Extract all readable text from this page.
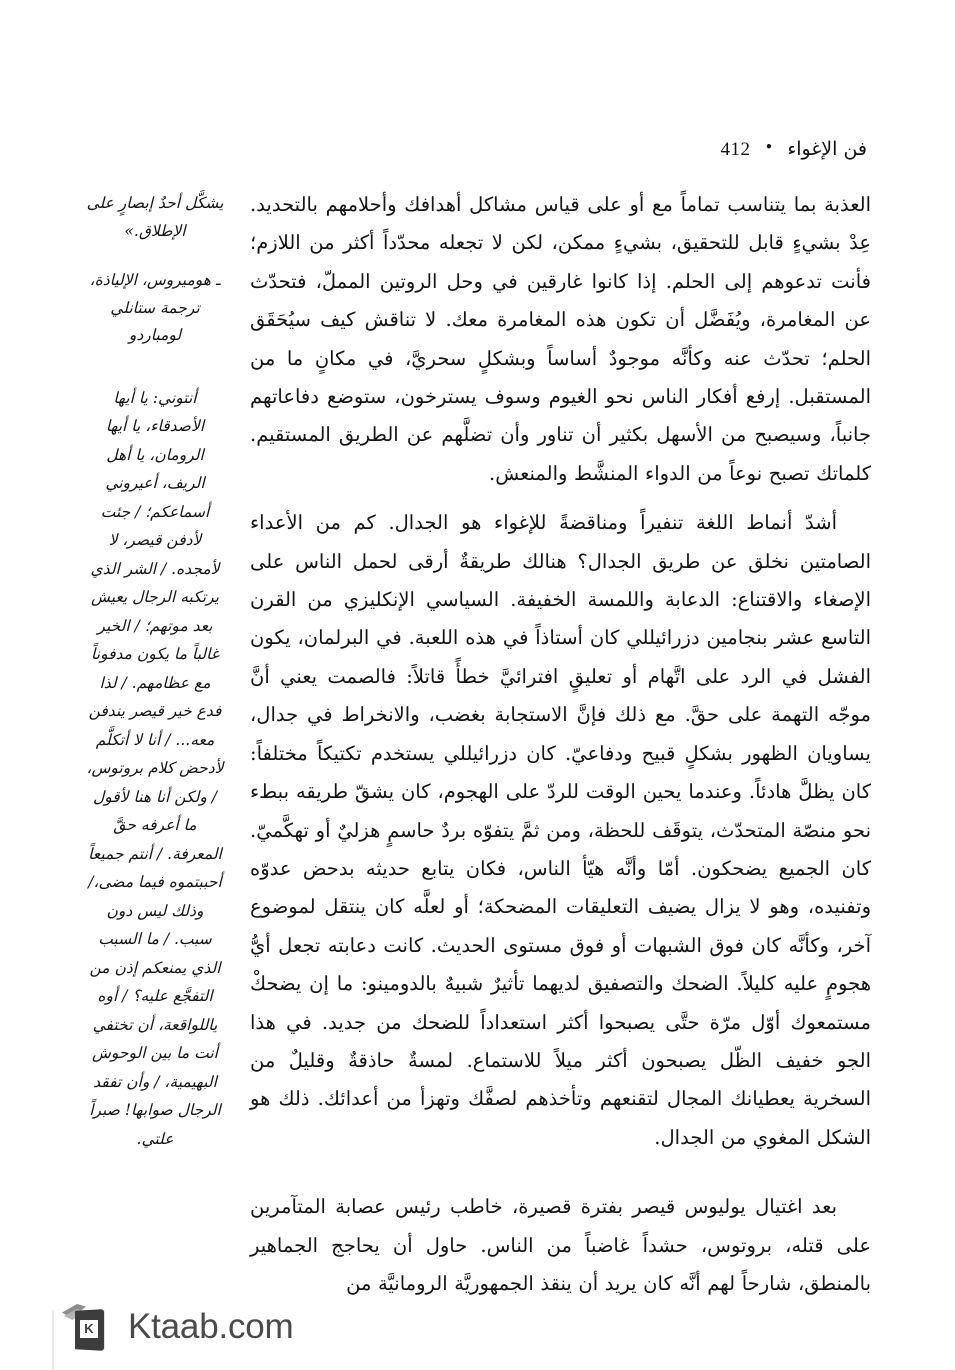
فن الإغواء
•
412

العذبة بما يتناسب تماماً مع أو على قياس مشاكل أهدافك وأحلامهم بالتحديد. عِدْ بشيءٍ قابل للتحقيق، بشيءٍ ممكن، لكن لا تجعله محدّداً أكثر من اللازم؛ فأنت تدعوهم إلى الحلم. إذا كانوا غارقين في وحل الروتين المملّ، فتحدّث عن المغامرة، ويُفَضَّل أن تكون هذه المغامرة معك. لا تناقش كيف سيُحَقَق الحلم؛ تحدّث عنه وكأنَّه موجودٌ أساساً وبشكلٍ سحريَّ، في مكانٍ ما من المستقبل. إرفع أفكار الناس نحو الغيوم وسوف يسترخون، ستوضع دفاعاتهم جانباً، وسيصبح من الأسهل بكثير أن تناور وأن تضلَّهم عن الطريق المستقيم. كلماتك تصبح نوعاً من الدواء المنشَّط والمنعش.

أشدّ أنماط اللغة تنفيراً ومناقضةً للإغواء هو الجدال. كم من الأعداء الصامتين نخلق عن طريق الجدال؟ هنالك طريقةٌ أرقى لحمل الناس على الإصغاء والاقتناع: الدعابة واللمسة الخفيفة. السياسي الإنكليزي من القرن التاسع عشر بنجامين دزرائيللي كان أستاذاً في هذه اللعبة. في البرلمان، يكون الفشل في الرد على اتَّهام أو تعليقٍ افترائيَّ خطأً قاتلاً: فالصمت يعني أنَّ موجّه التهمة على حقَّ. مع ذلك فإنَّ الاستجابة بغضب، والانخراط في جدال، يساويان الظهور بشكلٍ قبيح ودفاعيّ. كان دزرائيللي يستخدم تكتيكاً مختلفاً: كان يظلَّ هادئاً. وعندما يحين الوقت للردّ على الهجوم، كان يشقّ طريقه ببطء نحو منصّة المتحدّث، يتوقَف للحظة، ومن ثمَّ يتفوّه بردٌ حاسمٍ هزليٌ أو تهكَّميّ. كان الجميع يضحكون. أمّا وأنَّه هيّأ الناس، فكان يتابع حديثه بدحض عدوّه وتفنيده، وهو لا يزال يضيف التعليقات المضحكة؛ أو لعلَّه كان ينتقل لموضوع آخر، وكأنَّه كان فوق الشبهات أو فوق مستوى الحديث. كانت دعابته تجعل أيُّ هجومٍ عليه كليلاً. الضحك والتصفيق لديهما تأثيرٌ شبيهٌ بالدومينو: ما إن يضحكْ مستمعوك أوّل مرّة حتَّى يصبحوا أكثر استعداداً للضحك من جديد. في هذا الجو خفيف الظّل يصبحون أكثر ميلاً للاستماع. لمسةٌ حاذقةٌ وقليلٌ من السخرية يعطيانك المجال لتقنعهم وتأخذهم لصفَّك وتهزأ من أعدائك. ذلك هو الشكل المغوي من الجدال.

بعد اغتيال يوليوس قيصر بفترة قصيرة، خاطب رئيس عصابة المتآمرين على قتله، بروتوس، حشداً غاضباً من الناس. حاول أن يحاجج الجماهير بالمنطق، شارحاً لهم أنَّه كان يريد أن ينقذ الجمهوريَّة الرومانيَّة من

يشكَّل أحدٌ إبصارٍ على الإطلاق.»
ـ هوميروس، الإلياذة، ترجمة ستانلي لومباردو
أنتوني: يا أيها الأصدقاء، يا أيها الرومان، يا أهل الريف، أعيروني أسماعكم؛ / جئت لأدفن قيصر، لا لأمجده. / الشر الذي يرتكبه الرجال يعيش بعد موتهم؛ / الخير غالباً ما يكون مدفوناً مع عظامهم. / لذا فدع خير قيصر يندفن معه... / أنا لا أتكلَّم لأدحض كلام بروتوس، / ولكن أنا هنا لأقول ما أعرفه حقَّ المعرفة. / أنتم جميعاً أحببتموه فيما مضى،/ وذلك ليس دون سبب. / ما السبب الذي يمنعكم إذن من التفجَّع عليه؟ / أوه ياللواقعة، أن تختفي أنت ما بين الوحوش البهيمية، / وأن تفقد الرجال صوابها! صبراً علتي.
K Ktaab.com
